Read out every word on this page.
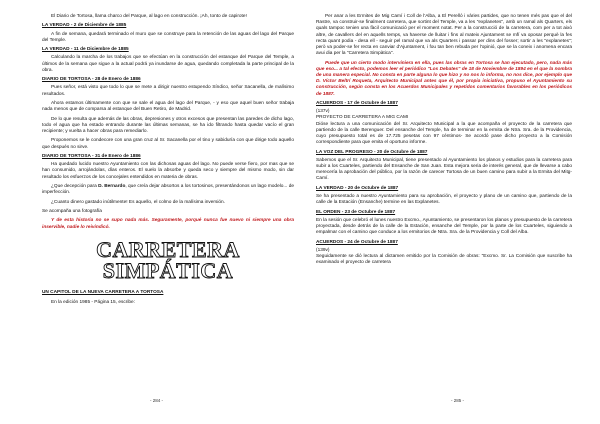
El Diario de Tortosa, llama charco del Parque, al lago en construcción. ¡Ah, tonto de capirote!

LA VERDAD - 2 de Diciembre de 1885

A fin de semana, quedará terminado el muro que se construye para la retención de las aguas del lago del Parque del Temple.

LA VERDAD - 11 de Diciembre de 1885

Calculando la marcha de los trabajos que se efectúan en la construcción del estanque del Parque del Temple, a últimos de la semana que sigue a la actual podrá ya inundarse de agua, quedando completada la parte principal de la obra.

DIARIO DE TORTOSA - 28 de Enero de 1886

Pues señor, está visto que todo lo que se mete a dirigir nuestro estupendo Síndico, señor Sacanella, de malísimo resultados.

Ahora estamos últimamente con que se sale el agua del lago del Parque, - y eso que aquel buen señor trabaja nada menos que de comparsa al estanque del Buen Retiro, de Madrid.

De lo que resulta que además de las obras, depresiones y otros excesos que presentan las paredes de dicho lago, todo el agua que ha estado entrando durante las últimas semanas, se ha ido filtrando hasta quedar vacío el gran recipiente; y vuelta a hacer obras para remediarlo.

Proponemos se le condecore con una gran cruz al Sr. Sacanella por el tino y sabiduría con que dirige todo aquello que después no sirve.

DIARIO DE TORTOSA - 31 de Enero de 1886

Ha quedado lucido nuestro Ayuntamiento con las dichosas aguas del lago. No puede verse fiero, por mas que se han consumido, arrojándolas, días enteros. El suelo la absorbe y queda seco y siempre del mismo modo, sin dar resultado los esfuerzos de los concejales entendidos en materia de obras.

¿Que decepción para D. Bernardo, que creía dejar absortos a los tortosinos, presentándonos un lago modelo... de imperfección.

¿Cuanto dinero gastado inútilmente! Es aquello, el colmo de la malísima inversión.

Se acompaña una fotografía

Y de esta historia no se supo nada más. Seguramente, porqué nunca fue nuevo ni siempre una obra inservible, nadie lo reivindicó.

CARRETERA
SIMPÁTICA

UN CAPITOL DE LA NUEVA CARRETERA A TORTOSA

En la edición 1985 - Página 15, escribe:

Per anar a les Ermites de Mig Camí i Coll de l'Alba, a El Perelló i vàries partides, que no tenen més pas que el del Rastre, va construir-se finalment carretera, que sortint del Temple, va a les "explanetes", amb un ramal als Quarters, els quals tampoc tenien una fàcil comunicació per el moment notat. Per a la construcció de la carretera, com per a tot això altre, de cavallers del en aquells temps, va haverse de lluitar i fins al mateix Ajuntament se mfí va oposar perquè la fes recta quant podia - desa ell - seguir pel ramal que va als Quarters i passar per dins del fosser; sortir a les "explanetes"; però va poder-se fer recta en canviar d'Ajuntament, i fou tan ben rebuda per l'opinió, que se la coneix i anomena encara avui dia per la "Carretera Simpàtica".

Puede que un cierto modo interviniera en ella, pues las obras en Tortosa se han ejecutado, pero, nada más que eso... a tal efecto, podemos leer el periódico "Los Debates" de 18 de Noviembre de 1894 en el que la nombra de una manera especial. No consta en parte alguna lo que hizo y no nos lo informa, no nos dice, por ejemplo que D. Víctor Beltrí Roqueta, Arquitecto Municipal antes que él, por propia iniciativa, propuso el Ayuntamiento su construcción, según consta en los Acuerdos Municipales y repetidos comentarios favorables en los periódicos de 1887.

ACUERDOS - 17 de Octubre de 1887

(137v)
PROYECTO DE CARRETERA A MIG CAMI

Dióse lectura a una comunicación del Sr. Arquitecto Municipal a la que acompaña el proyecto de la carretera que partiendo de la calle Berenguer. Del ensanche del Temple, ha de terminar en la ermita de Ntra. Sra. de la Providencia, cuyo presupuesto total es de 17.725 pesetas con 97 céntimos- Se acordó pase dicho proyecto a la Comisión correspondiente para que emita el oportuno informe.

LA VOZ DEL PROGRESO - 20 de Octubre de 1887

Sabemos que el Sr. Arquitecto Municipal, tiene presentado al Ayuntamiento los planos y estudios para la carretera para subir a los Cuarteles, partiendo del Ensanche de San Juan. Esta mejora seria de interés general, que de llevarse a cabo merecería la aprobación del público, por la razón de carecer Tortosa de un buen camino para subir a la Ermita del Mitg-Camí.

LA VERDAD - 20 de Octubre de 1887

Se ha presentado a nuestro Ayuntamiento para su aprobación, el proyecto y plano de un camino que, partiendo de la calle de la Estación (Ensanche) termine en las Explanetes.

EL ORDEN - 23 de Octubre de 1887

En la sesión que celebró el lunes nuestro Excmo., Ayuntamiento, se presentaron los planos y presupuesto de la carretera proyectada, desde detrás de la calle de la Estación, ensanche del Temple, por la parte de los Cuarteles, siguiendo a empalmar con el camino que conduce a los ermitorios de Ntra. Sra. de la Providencia y Coll del Alba.

ACUERDOS - 24 de Octubre de 1887

(139v)

Seguidamente se dió lectura al dictamen emitido por la Comisión de obras: "Excmo. Sr. La Comisión que suscribe ha examinado el proyecto de carretera

- 284 -	- 285 -
